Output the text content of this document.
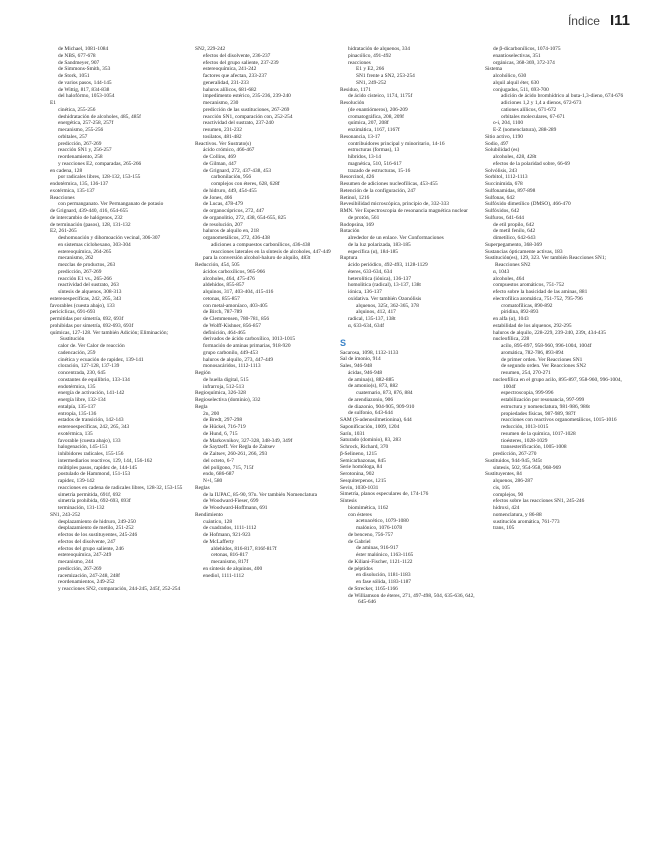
Índice I11
de Michael, 1081-1084
de NBS, 677-678
de Sandmeyer, 907
de Simmons-Smith, 353
de Stork, 1051
de varios pasos, 144-145
de Wittig, 817, 834-838
del halofórmo, 1053-1054
E1
cinética, 255-256
deshidratación de alcoholes, 485, 485f
energética, 257-258, 257f
mecanismo, 255-256
orbitales, 257
predicción, 267-269
reacción SN1 y, 256-257
reordenamiento, 258
y reacciones E2, comparadas, 265-266
en cadena, 128
por radicales libres, 128-132, 153-155
endotérmica, 135, 136-137
exotérmica, 135-137
Reacciones
con permanganato. Ver Permanganato de potasio
de Grignard, 439-440, 416, 654-655
de intercambio de halógenos, 232
de terminación (pasos), 128, 131-132
E2, 261-265
deshomoación y dihomoación vecinal, 306-307
en sistemas ciclohexano, 303-304
estereoquímica, 264-265
mecanismo, 262
mezclas de productos, 263
predicción, 267-269
reacción E1 vs., 265-266
reactividad del sustrato, 263
síntesis de alquenos, 308-313
estereoespecíficas, 242, 265, 343
favorables (cuesta abajo), 133
pericíclicas, 691-693
permitidas por simetría, 692, 693f
prohibidas por simetría, 692-693, 693f
químicas, 127-128. Ver también Adición; Eliminación; Sustitución
calor de. Ver Calor de reacción
cadencación, 259
cinética y ecuación de rapidez, 139-141
cloración, 127-128, 137-139
concentrada, 230, 645
constantes de equilibrio, 133-134
endotérmica, 135
energía de activación, 141-142
energía libre, 132-134
entalpía, 135-137
entropía, 135-136
estados de transición, 142-143
estereoespecíficas, 242, 265, 343
exotérmica, 135
favorable (cuesta abajo), 133
halogenación, 145-151
inhibidores radicales, 155-156
intermediarios reactivos, 129, 144, 156-162
múltiples pasos, rapidez de, 144-145
postulado de Hammond, 151-153
rapidez, 139-142
reacciones en cadena de radicales libres, 128-32, 153-155
simetría permitida, 691f, 692
simetría prohibida, 692-693, 693f
terminación, 131-132
SN1, 243-252
desplazamiento de hidruro, 249-250
desplazamiento de metilo, 251-252
efectos de los sustituyentes, 245-246
efectos del disolvente, 247
efectos del grupo saliente, 246
estereoquímica, 247-249
mecanismo, 244
predicción, 267-269
racemización, 247-248, 248f
reordenamientos, 249-252
y reacciones SN2, comparación, 244-245, 245f, 252-254
SN2, 229-242
efectos del disolvente, 236-237
efectos del grupo saliente, 237-239
estereoquímica, 241-242
factores que afectan, 233-237
generalidad, 231-233
haluros alílicos, 681-682
impedimento estérico, 235-236, 239-240
mecanismo, 230
predicción de las sustituciones, 267-269
reacción SN1, comparación con, 252-254
reactividad del sustrato, 237-240
resumen, 231-232
tosilatos, 481-482
Reactivos. Ver Sustrato(s)
ácido crómico, 466-467
de Collins, 469
de Gilman, 447
de Grignard, 272, 437-438, 453
carbonilación, 956
complejos con éteres, 628, 628f
de hidruro, 449, 454-455
de Jones, 466
de Lucas, 478-479
de organocúpricos, 272, 447
de organolitio, 272, 438, 654-655, 825
de resolución, 207
haluros de alquilo en, 218
organometálicos, 272, 436-438
adiciones a compuestos carbonílicos, 436-438
reacciones laterales en la síntesis de alcoholes, 447-449
para la conversión alcohol-haluro de alquilo, 483t
Reducción, 454, 505
ácidos carboxílicos, 965-966
alcoholes, 464, 475-476
aldehídos, 855-857
alquinos, 317, 403-404, 415-416
cetonas, 855-857
con metal-amoníaco, 403-405
de Birch, 787-789
de Clemmensen, 780-781, 856
de Wolff-Kishner, 856-857
definición, 464-465
derivados de ácido carboxílico, 1013-1015
formación de aminas primarias, 918-920
grupo carbonilo, 449-453
haluros de alquilo, 273, 447-449
monosacáridos, 1112-1113
Región
de huella digital, 515
infrarroja, 512-513
Regioquímica, 326-328
Regioselectiva (dominio), 332
Regla
2n, 200
de Bredt, 297-298
de Hückel, 716-719
de Hund, 6, 715
de Markovnikov, 327-328, 348-349, 349f
de Saytzeff. Ver Regla de Zaitsev
de Zaitsev, 260-261, 266, 293
del octeto, 6-7
del polígono, 715, 715f
endo, 686-687
N+l, 580
Reglas
de la IUPAC, 85-90, 97n. Ver también Nomenclatura
de Woodward-Fieser, 699
de Woodward-Hoffmann, 691
Rendimiento
cuántico, 128
de cuadrados, 1111-1112
de Hofmann, 921-923
de McLafferty
aldehídos, 816-817, 816f-817f
cetonas, 816-817
mecanismo, 817f
en síntesis de alquinos, 400
enediol, 1111-1112
hidratación de alquenos, 334
pinacólico, 491-492
reacciones
E1 y E2, 266
SN1 frente a SN2, 253-254
SN1, 249-252
Residuo, 1171
de ácido cisteico, 1174, 1175f
Resolución
(de enantiómeros), 206-209
cromatográfica, 208, 209f
química, 207, 208f
enzimática, 1167, 1167f
Resonancia, 13-17
contribuidores principal y minoritario, 14-16
estructuras (formas), 13
híbridos, 13-14
magnética, 510, 516-617
trazado de estructuras, 15-16
Resorcinol, 426
Resumen de adiciones nucleofílicas, 453-455
Retención de la configuración, 247
Retinol, 1216
Revesibilidad microscópica, principio de, 332-333
RMN. Ver Espectroscopia de resonancia magnética nuclear
de protón, 561
Rodopsina, 169
Rotación
alrededor de un enlace. Ver Conformaciones
de la luz polarizada, 183-185
específica (α), 184-185
Ruptura
ácido periódico, 492-493, 1128-1129
éteres, 633-634, 634
heterolítica (iónica), 136-137
homolítica (radical), 13-137, 138t
iónica, 136-137
oxidativa. Ver también Ozonólisis
alquenos, 325t, 362-365, 378
alquinos, 412, 417
radical, 135-137, 138t
α, 633-634, 634f
S
Sacarosa, 1098, 1132-1133
Sal de imonio, 914
Sales, 946-948
ácidas, 946-948
de amina(s), 882-885
de amonio(s), 873, 882
cuaternario, 873, 876, 884
de arendiazonio, 906
de diazonio, 904-905, 909-910
de sulfonio, 643-644
SAM (S-adenosilmetionina), 644
Saponificación, 1009, 1204
Sarín, 1031
Saturado (dominio), 83, 283
Schrock, Richard, 370
β-Selineno, 1215
Semicarbazonas, 845
Serie homóloga, 84
Serotonina, 902
Sesquiterpenos, 1215
Sevin, 1030-1031
Simetría, planos especulares de, 174-176
Síntesis
biomimética, 1162
con ésteres
acetoacético, 1079-1080
malónico, 1076-1078
de benceno, 756-757
de Gabriel
de aminas, 916-917
éster malónico, 1163-1165
de Kiliani-Fischer, 1121-1122
de péptidos
en disolución, 1181-1183
en fase sólida, 1183-1187
de Strecker, 1165-1166
de Williamson de éteres, 271, 497-498, 504, 635-636, 642, 645-646
de β-dicarbonílicos, 1074-1075
enantioselectivas, 351
orgánicas, 368-369, 372-374
Sistema
alcohólico, 630
alquil alquil éter, 630
conjugados, 511, 693-700
adición de ácido bromhídrico al buta-1,3-dieno, 674-676
adiciones 1,2 y 1,4 a dienos, 672-673
cationes alílicos, 671-672
orbitales moleculares, 67-671
o-i, 204, 1100
E-Z (nomenclatura), 288-289
Sitio activo, 1190
Sodio, 497
Solubilidad (es)
alcoholes, 428, 428t
efectos de la polaridad sobre, 66-69
Solvólisis, 243
Sorbitol, 1112-1113
Succinimida, 678
Sulfonamidas, 897-898
Sulfonas, 642
Sulfóxido dimetílico (DMSO), 466-470
Sulfóxidos, 642
Sulfuros, 641-644
de etil propilo, 642
de metil fenilo, 642
dimetílico, 642-643
Superpegamento, 368-369
Sustancias ópticamente activas, 183
Sustitución(es), 129, 323. Ver también Reacciones SN1; Reacciones SN2
α, 1043
alcoholes, 464
compuestos aromáticos, 751-752
efecto sobre la basicidad de las aminas, 881
electrofílica aromática, 751-752, 795-796
cromatofílicas, 890-892
piridina, 892-893
en alfa (α), 1043
estabilidad de los alquenos, 292-295
haluros de alquilo, 228-229, 239-240, 239t, 434-435
nucleofílica, 228
acilo, 895-897, 958-960, 996-1004, 1004f
aromática, 782-786, 893-894
de primer orden. Ver Reacciones SN1
de segundo orden. Ver Reacciones SN2
resumen, 254, 270-271
nucleofílica en el grupo acilo, 895-897, 958-960, 996-1004, 1004f
espectroscopia, 999-996
estabilización por resonancia, 997-999
estructura y nomenclatura, 981-986, 986t
propiedades físicas, 987-989, 987f
reacciones con reactivos organometálicos, 1015-1016
reducción, 1013-1015
resumen de la química, 1017-1028
tioésteres, 1028-1029
transesterificación, 1005-1008
predicción, 267-270
Sustituidos, 944-945, 945t
síntesis, 502, 954-958, 968-969
Sustituyentes, 84
alquenos, 286-287
cis, 105
complejos, 90
efectos sobre las reacciones SN1, 245-246
hidroxi, 424
nomenclatura, y 86-88
sustitución aromática, 761-773
trans, 105
